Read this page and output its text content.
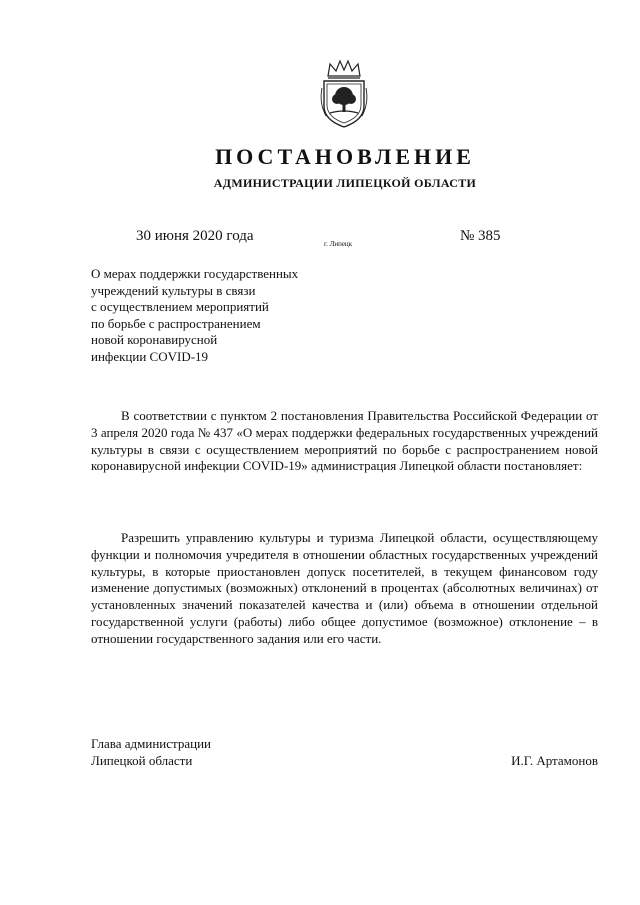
ПОСТАНОВЛЕНИЕ
АДМИНИСТРАЦИИ ЛИПЕЦКОЙ ОБЛАСТИ
30 июня 2020 года	г. Липецк	№ 385
О мерах поддержки государственных
учреждений культуры в связи
с осуществлением мероприятий
по борьбе с распространением
новой коронавирусной
инфекции COVID-19
В соответствии с пунктом 2 постановления Правительства Российской Федерации от 3 апреля 2020 года № 437 «О мерах поддержки федеральных государственных учреждений культуры в связи с осуществлением мероприятий по борьбе с распространением новой коронавирусной инфекции COVID-19» администрация Липецкой области постановляет:
Разрешить управлению культуры и туризма Липецкой области, осуществляющему функции и полномочия учредителя в отношении областных государственных учреждений культуры, в которые приостановлен допуск посетителей, в текущем финансовом году изменение допустимых (возможных) отклонений в процентах (абсолютных величинах) от установленных значений показателей качества и (или) объема в отношении отдельной государственной услуги (работы) либо общее допустимое (возможное) отклонение – в отношении государственного задания или его части.
Глава администрации
Липецкой области	И.Г. Артамонов
